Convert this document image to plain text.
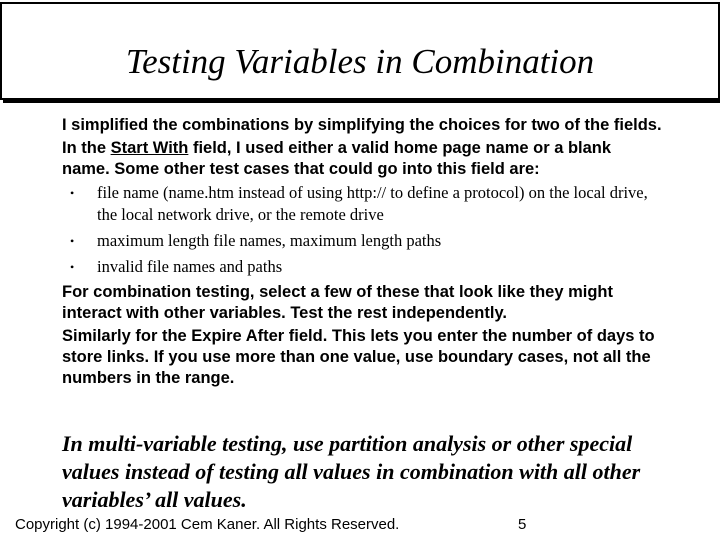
Testing Variables in Combination

I simplified the combinations by simplifying the choices for two of the fields.

In the Start With field, I used either a valid home page name or a blank name. Some other test cases that could go into this field are:

• file name (name.htm instead of using http:// to define a protocol) on the local drive, the local network drive, or the remote drive
• maximum length file names, maximum length paths
• invalid file names and paths

For combination testing, select a few of these that look like they might interact with other variables. Test the rest independently.

Similarly for the Expire After field. This lets you enter the number of days to store links. If you use more than one value, use boundary cases, not all the numbers in the range.

In multi-variable testing, use partition analysis or other special values instead of testing all values in combination with all other variables’ all values.
Copyright (c) 1994-2001 Cem Kaner. All Rights Reserved.	5
